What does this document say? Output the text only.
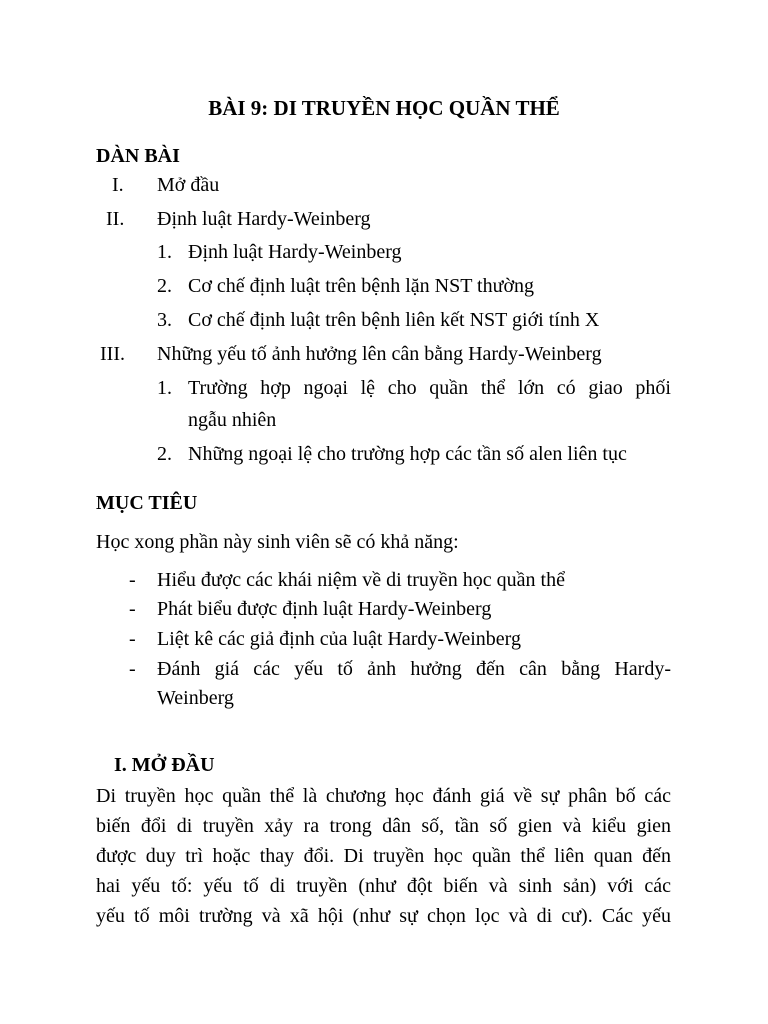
BÀI 9: DI TRUYỀN HỌC QUẦN THỂ
DÀN BÀI
I. Mở đầu
II. Định luật Hardy-Weinberg
1. Định luật Hardy-Weinberg
2. Cơ chế định luật trên bệnh lặn NST thường
3. Cơ chế định luật trên bệnh liên kết NST giới tính X
III. Những yếu tố ảnh hưởng lên cân bằng Hardy-Weinberg
1. Trường hợp ngoại lệ cho quần thể lớn có giao phối
ngẫu nhiên
2. Những ngoại lệ cho trường hợp các tần số alen liên tục
MỤC TIÊU
Học xong phần này sinh viên sẽ có khả năng:
- Hiểu được các khái niệm về di truyền học quần thể
- Phát biểu được định luật Hardy-Weinberg
- Liệt kê các giả định của luật Hardy-Weinberg
- Đánh giá các yếu tố ảnh hưởng đến cân bằng Hardy-
Weinberg
I. MỞ ĐẦU
Di truyền học quần thể là chương học đánh giá về sự phân bố các
biến đổi di truyền xảy ra trong dân số, tần số gien và kiểu gien
được duy trì hoặc thay đổi. Di truyền học quần thể liên quan đến
hai yếu tố: yếu tố di truyền (như đột biến và sinh sản) với các
yếu tố môi trường và xã hội (như sự chọn lọc và di cư). Các yếu
